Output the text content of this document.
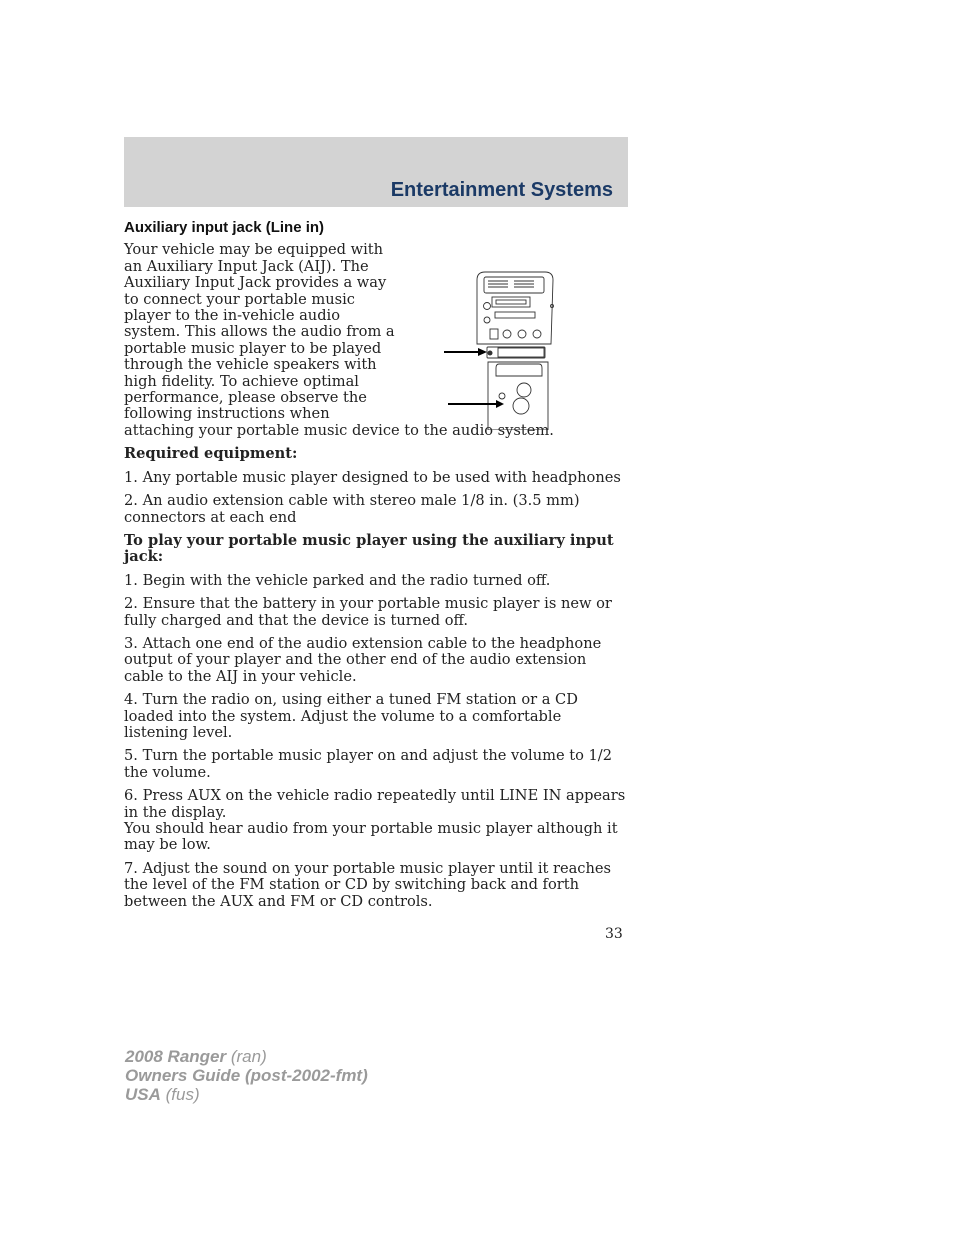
Entertainment Systems
Auxiliary input jack (Line in)
Your vehicle may be equipped with
an Auxiliary Input Jack (AIJ). The
Auxiliary Input Jack provides a way
to connect your portable music
player to the in-vehicle audio
system. This allows the audio from a
portable music player to be played
through the vehicle speakers with
high fidelity. To achieve optimal
performance, please observe the
following instructions when
attaching your portable music device to the audio system.

Required equipment:

1. Any portable music player designed to be used with headphones

2. An audio extension cable with stereo male 1/8 in. (3.5 mm) connectors at each end

To play your portable music player using the auxiliary input jack:

1. Begin with the vehicle parked and the radio turned off.

2. Ensure that the battery in your portable music player is new or fully charged and that the device is turned off.

3. Attach one end of the audio extension cable to the headphone output of your player and the other end of the audio extension cable to the AIJ in your vehicle.

4. Turn the radio on, using either a tuned FM station or a CD loaded into the system. Adjust the volume to a comfortable listening level.

5. Turn the portable music player on and adjust the volume to 1/2 the volume.

6. Press AUX on the vehicle radio repeatedly until LINE IN appears in the display.

You should hear audio from your portable music player although it may be low.

7. Adjust the sound on your portable music player until it reaches the level of the FM station or CD by switching back and forth between the AUX and FM or CD controls.

33
2008 Ranger (ran)
Owners Guide (post-2002-fmt)
USA (fus)
